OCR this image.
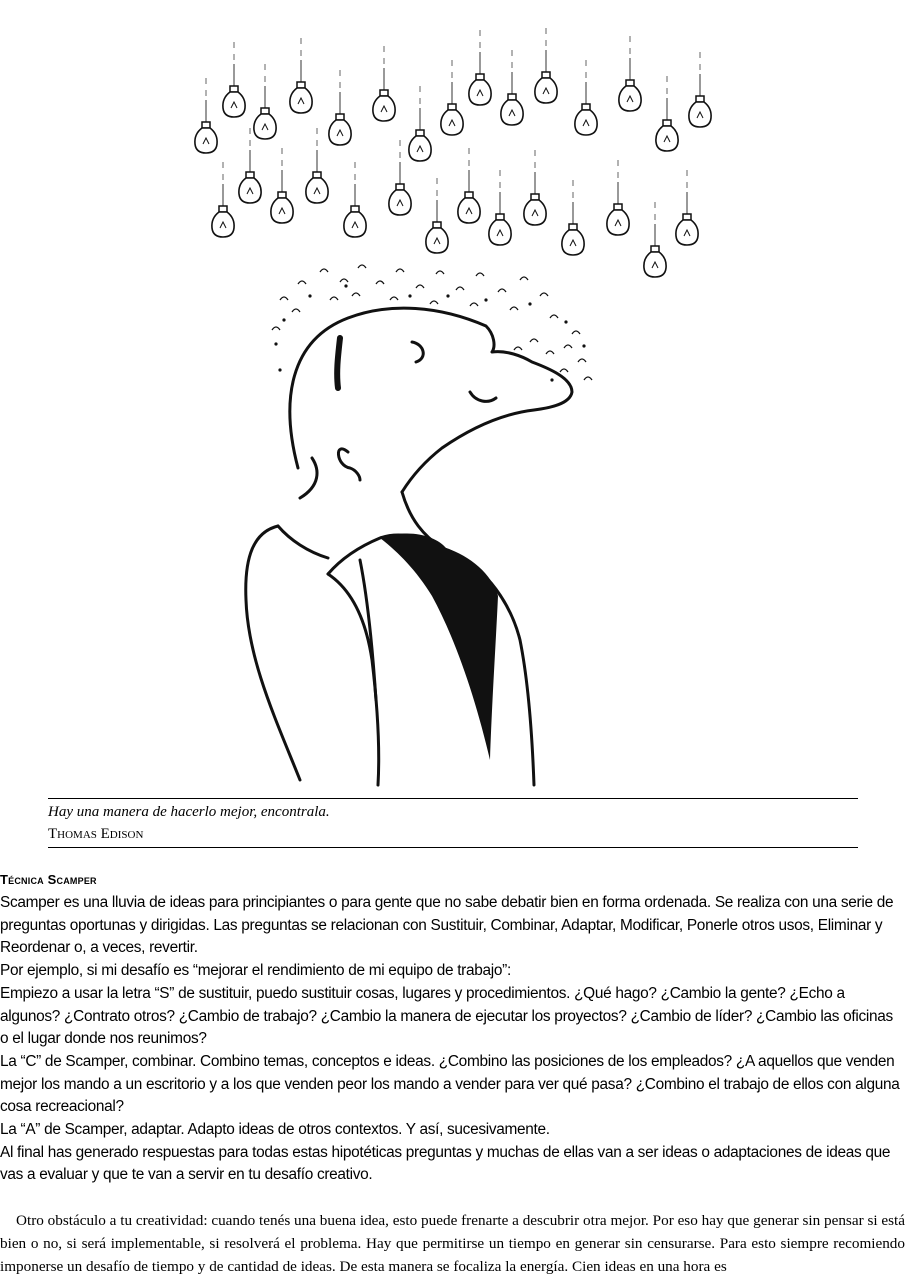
Hay una manera de hacerlo mejor, encontrala.
Thomas Edison
Técnica Scamper

Scamper es una lluvia de ideas para principiantes o para gente que no sabe debatir bien en forma ordenada. Se realiza con una serie de preguntas oportunas y dirigidas. Las preguntas se relacionan con Sustituir, Combinar, Adaptar, Modificar, Ponerle otros usos, Eliminar y Reordenar o, a veces, revertir.

Por ejemplo, si mi desafío es “mejorar el rendimiento de mi equipo de trabajo”:

Empiezo a usar la letra “S” de sustituir, puedo sustituir cosas, lugares y procedimientos. ¿Qué hago? ¿Cambio la gente? ¿Echo a algunos? ¿Contrato otros? ¿Cambio de trabajo? ¿Cambio la manera de ejecutar los proyectos? ¿Cambio de líder? ¿Cambio las oficinas o el lugar donde nos reunimos?

La “C” de Scamper, combinar. Combino temas, conceptos e ideas. ¿Combino las posiciones de los empleados? ¿A aquellos que venden mejor los mando a un escritorio y a los que venden peor los mando a vender para ver qué pasa? ¿Combino el trabajo de ellos con alguna cosa recreacional?

La “A” de Scamper, adaptar. Adapto ideas de otros contextos. Y así, sucesivamente.

Al final has generado respuestas para todas estas hipotéticas preguntas y muchas de ellas van a ser ideas o adaptaciones de ideas que vas a evaluar y que te van a servir en tu desafío creativo.

Otro obstáculo a tu creatividad: cuando tenés una buena idea, esto puede frenarte a descubrir otra mejor. Por eso hay que generar sin pensar si está bien o no, si será implementable, si resolverá el problema. Hay que permitirse un tiempo en generar sin censurarse. Para esto siempre recomiendo imponerse un desafío de tiempo y de cantidad de ideas. De esta manera se focaliza la energía. Cien ideas en una hora es
